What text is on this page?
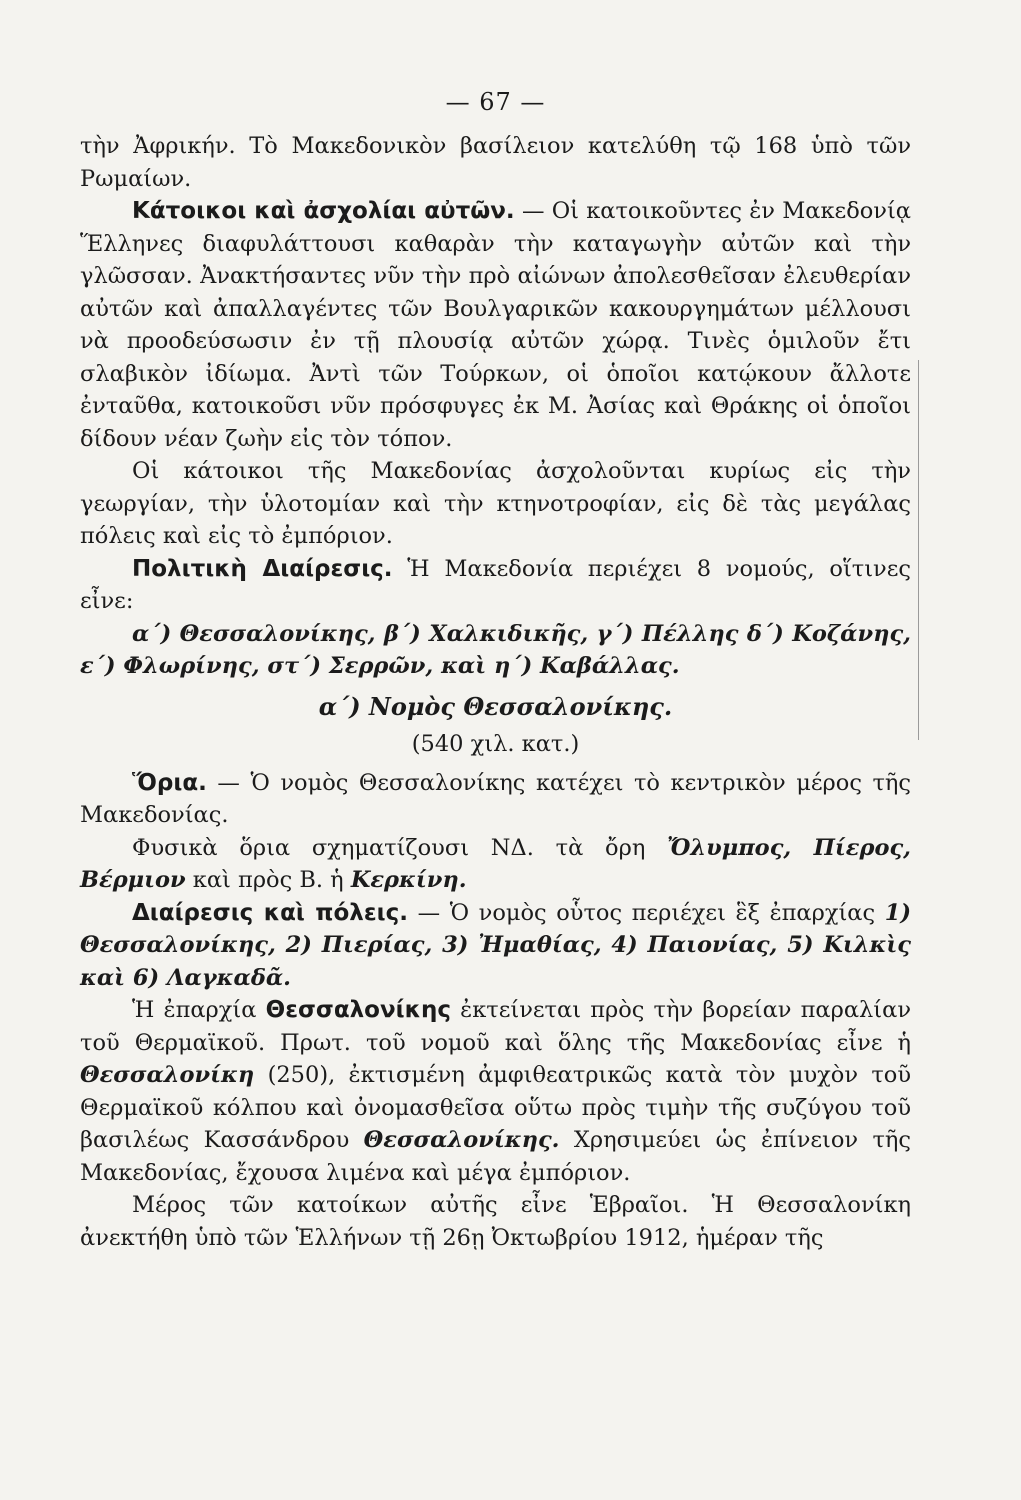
— 67 —

τὴν Ἀφρικήν. Τὸ Μακεδονικὸν βασίλειον κατελύθη τῷ 168 ὑπὸ τῶν Ρωμαίων.

Κάτοικοι καὶ ἀσχολίαι αὐτῶν. — Οἱ κατοικοῦντες ἐν Μακεδονίᾳ Ἕλληνες διαφυλάττουσι καθαρὰν τὴν καταγωγὴν αὐτῶν καὶ τὴν γλῶσσαν. Ἀνακτήσαντες νῦν τὴν πρὸ αἰώνων ἀπολεσθεῖσαν ἐλευθερίαν αὐτῶν καὶ ἀπαλλαγέντες τῶν Βουλγαρικῶν κακουργημάτων μέλλουσι νὰ προοδεύσωσιν ἐν τῇ πλουσίᾳ αὐτῶν χώρᾳ. Τινὲς ὁμιλοῦν ἔτι σλαβικὸν ἰδίωμα. Ἀντὶ τῶν Τούρκων, οἱ ὁποῖοι κατῴκουν ἄλλοτε ἐνταῦθα, κατοικοῦσι νῦν πρόσφυγες ἐκ Μ. Ἀσίας καὶ Θράκης οἱ ὁποῖοι δίδουν νέαν ζωὴν εἰς τὸν τόπον.

Οἱ κάτοικοι τῆς Μακεδονίας ἀσχολοῦνται κυρίως εἰς τὴν γεωργίαν, τὴν ὑλοτομίαν καὶ τὴν κτηνοτροφίαν, εἰς δὲ τὰς μεγάλας πόλεις καὶ εἰς τὸ ἐμπόριον.

Πολιτικὴ Διαίρεσις. Ἡ Μακεδονία περιέχει 8 νομούς, οἵτινες εἶνε:

α΄) Θεσσαλονίκης, β΄) Χαλκιδικῆς, γ΄) Πέλλης δ΄) Κοζάνης, ε΄) Φλωρίνης, στ΄) Σερρῶν, καὶ η΄) Καβάλλας.

α΄) Νομὸς Θεσσαλονίκης.

(540 χιλ. κατ.)

Ὅρια. — Ὁ νομὸς Θεσσαλονίκης κατέχει τὸ κεντρικὸν μέρος τῆς Μακεδονίας.

Φυσικὰ ὅρια σχηματίζουσι ΝΔ. τὰ ὄρη Ὄλυμπος, Πίερος, Βέρμιον καὶ πρὸς Β. ἡ Κερκίνη.

Διαίρεσις καὶ πόλεις. — Ὁ νομὸς οὗτος περιέχει ἓξ ἐπαρχίας 1) Θεσσαλονίκης, 2) Πιερίας, 3) Ἠμαθίας, 4) Παιονίας, 5) Κιλκὶς καὶ 6) Λαγκαδᾶ.

Ἡ ἐπαρχία Θεσσαλονίκης ἐκτείνεται πρὸς τὴν βορείαν παραλίαν τοῦ Θερμαϊκοῦ. Πρωτ. τοῦ νομοῦ καὶ ὅλης τῆς Μακεδονίας εἶνε ἡ Θεσσαλονίκη (250), ἐκτισμένη ἀμφιθεατρικῶς κατὰ τὸν μυχὸν τοῦ Θερμαϊκοῦ κόλπου καὶ ὀνομασθεῖσα οὕτω πρὸς τιμὴν τῆς συζύγου τοῦ βασιλέως Κασσάνδρου Θεσσαλονίκης. Χρησιμεύει ὡς ἐπίνειον τῆς Μακεδονίας, ἔχουσα λιμένα καὶ μέγα ἐμπόριον.

Μέρος τῶν κατοίκων αὐτῆς εἶνε Ἑβραῖοι. Ἡ Θεσσαλονίκη ἀνεκτήθη ὑπὸ τῶν Ἑλλήνων τῇ 26ῃ Ὀκτωβρίου 1912, ἡμέραν τῆς
